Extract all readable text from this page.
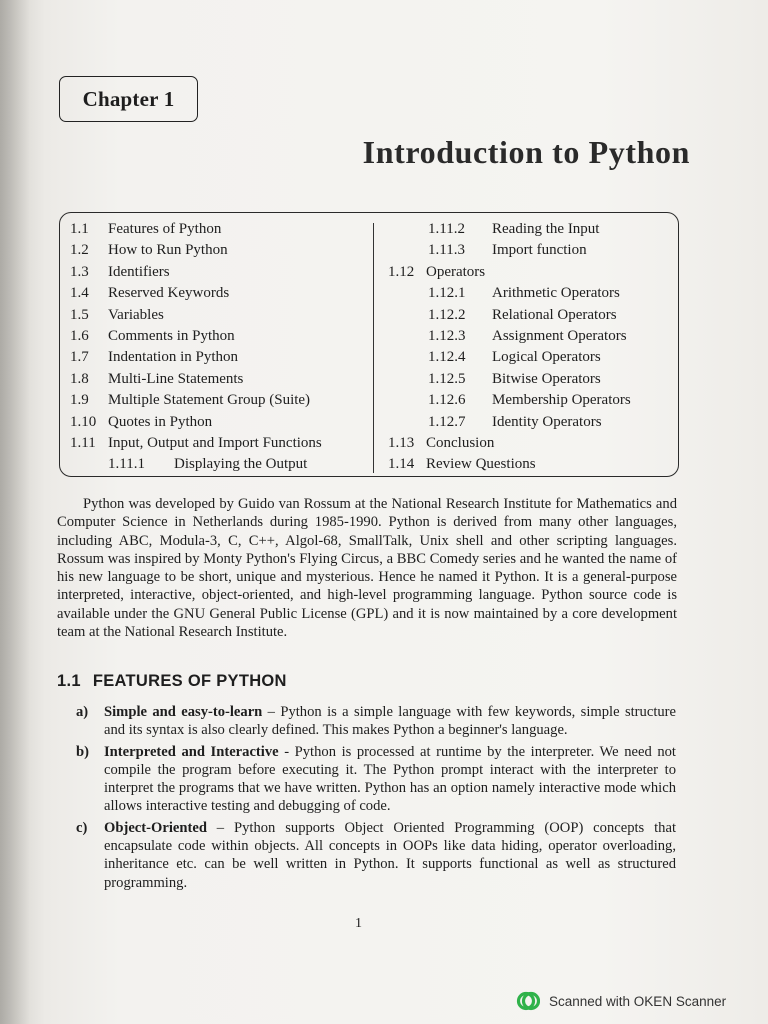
Chapter 1
Introduction to Python
1.1	Features of Python
1.2	How to Run Python
1.3	Identifiers
1.4	Reserved Keywords
1.5	Variables
1.6	Comments in Python
1.7	Indentation in Python
1.8	Multi-Line Statements
1.9	Multiple Statement Group (Suite)
1.10 Quotes in Python
1.11 Input, Output and Import Functions
1.11.1	Displaying the Output
1.11.2	Reading the Input
1.11.3	Import function
1.12 Operators
1.12.1	Arithmetic Operators
1.12.2	Relational Operators
1.12.3	Assignment Operators
1.12.4	Logical Operators
1.12.5	Bitwise Operators
1.12.6	Membership Operators
1.12.7	Identity Operators
1.13 Conclusion
1.14 Review Questions

Python was developed by Guido van Rossum at the National Research Institute for Mathematics and Computer Science in Netherlands during 1985-1990. Python is derived from many other languages, including ABC, Modula-3, C, C++, Algol-68, SmallTalk, Unix shell and other scripting languages. Rossum was inspired by Monty Python's Flying Circus, a BBC Comedy series and he wanted the name of his new language to be short, unique and mysterious. Hence he named it Python. It is a general-purpose interpreted, interactive, object-oriented, and high-level programming language. Python source code is available under the GNU General Public License (GPL) and it is now maintained by a core development team at the National Research Institute.

1.1 FEATURES OF PYTHON
a) Simple and easy-to-learn – Python is a simple language with few keywords, simple structure and its syntax is also clearly defined. This makes Python a beginner's language.
b) Interpreted and Interactive - Python is processed at runtime by the interpreter. We need not compile the program before executing it. The Python prompt interact with the interpreter to interpret the programs that we have written. Python has an option namely interactive mode which allows interactive testing and debugging of code.
c) Object-Oriented – Python supports Object Oriented Programming (OOP) concepts that encapsulate code within objects. All concepts in OOPs like data hiding, operator overloading, inheritance etc. can be well written in Python. It supports functional as well as structured programming.

1

Scanned with OKEN Scanner
